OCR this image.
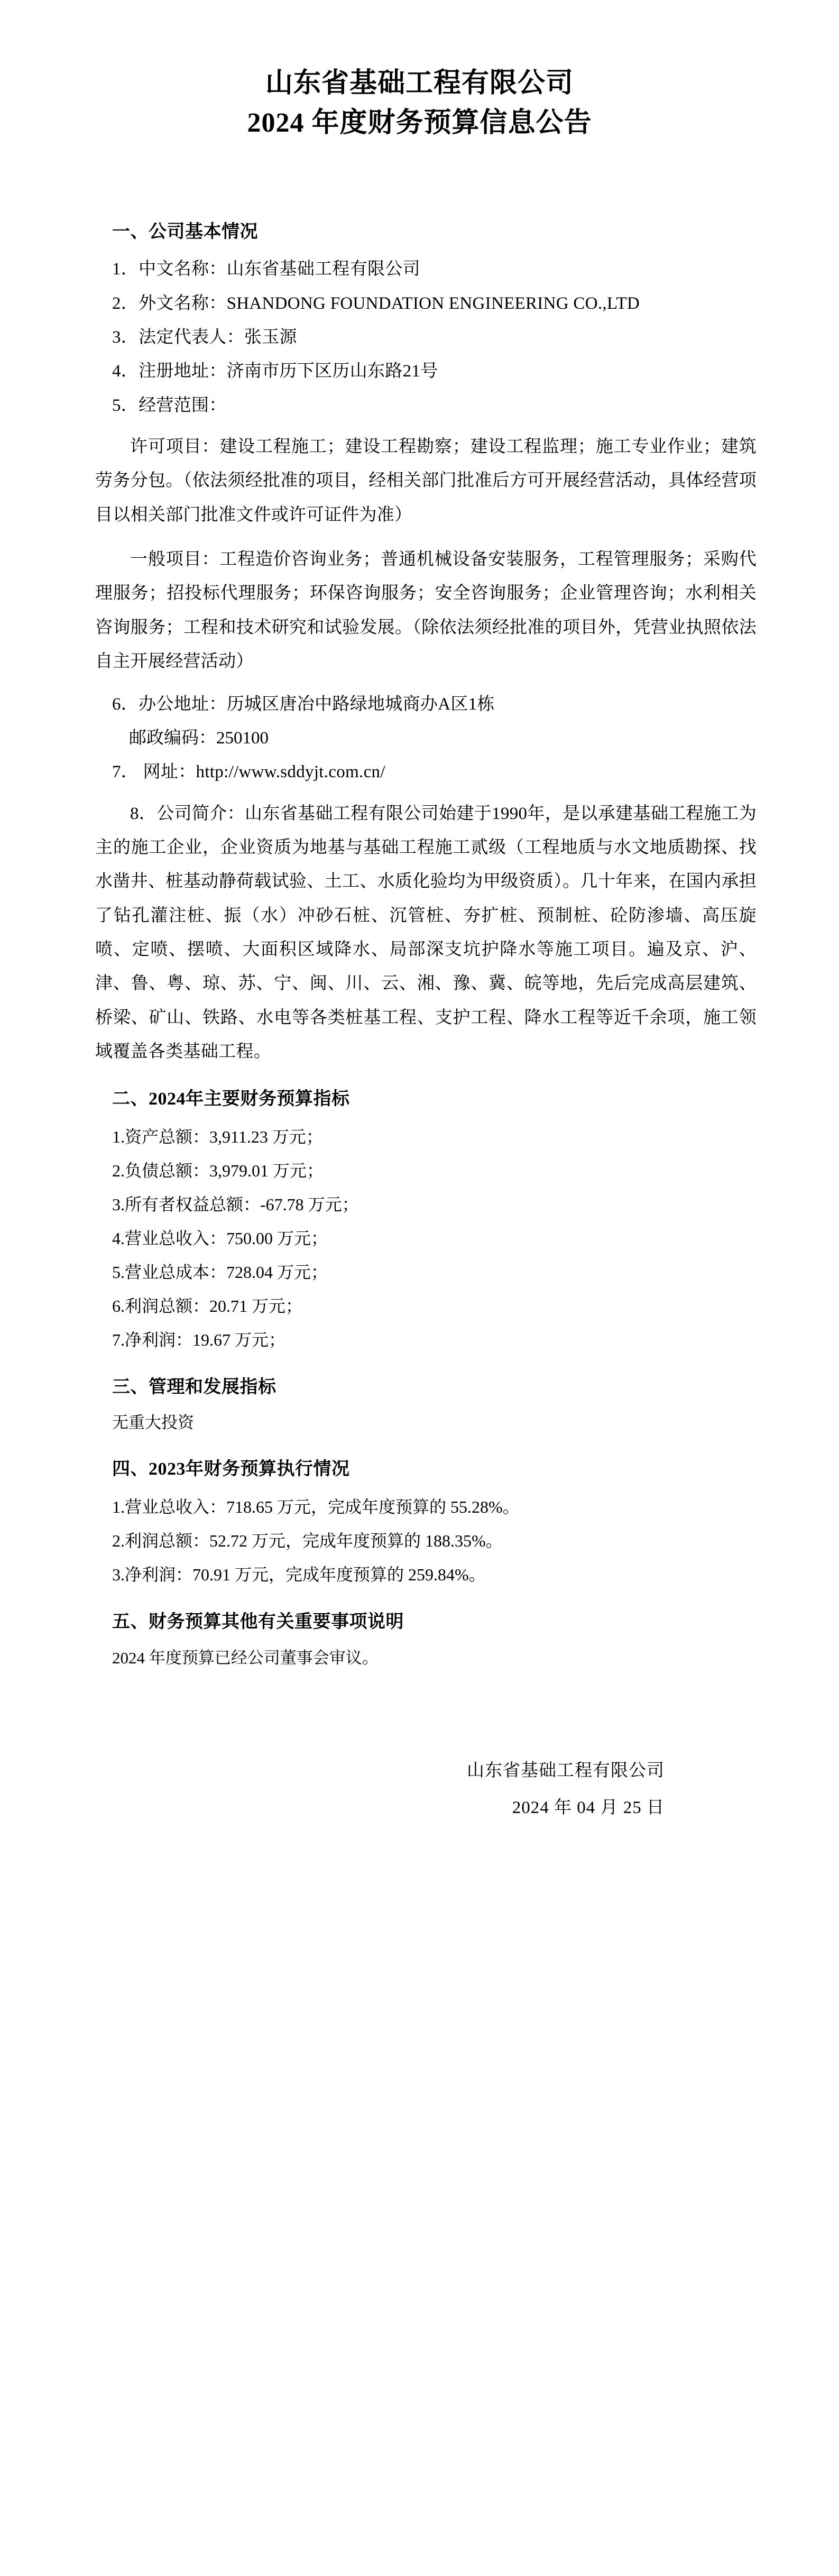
山东省基础工程有限公司
2024 年度财务预算信息公告
一、公司基本情况
1．中文名称：山东省基础工程有限公司
2．外文名称：SHANDONG FOUNDATION ENGINEERING CO.,LTD
3．法定代表人：张玉源
4．注册地址：济南市历下区历山东路21号
5．经营范围：
许可项目：建设工程施工；建设工程勘察；建设工程监理；施工专业作业；建筑劳务分包。（依法须经批准的项目，经相关部门批准后方可开展经营活动，具体经营项目以相关部门批准文件或许可证件为准）
一般项目：工程造价咨询业务；普通机械设备安装服务，工程管理服务；采购代理服务；招投标代理服务；环保咨询服务；安全咨询服务；企业管理咨询；水利相关咨询服务；工程和技术研究和试验发展。（除依法须经批准的项目外，凭营业执照依法自主开展经营活动）
6．办公地址：历城区唐冶中路绿地城商办A区1栋
邮政编码：250100
7． 网址：http://www.sddyjt.com.cn/
8．公司简介：山东省基础工程有限公司始建于1990年，是以承建基础工程施工为主的施工企业，企业资质为地基与基础工程施工贰级（工程地质与水文地质勘探、找水凿井、桩基动静荷载试验、土工、水质化验均为甲级资质）。几十年来，在国内承担了钻孔灌注桩、振（水）冲砂石桩、沉管桩、夯扩桩、预制桩、砼防渗墙、高压旋喷、定喷、摆喷、大面积区域降水、局部深支坑护降水等施工项目。遍及京、沪、津、鲁、粤、琼、苏、宁、闽、川、云、湘、豫、冀、皖等地，先后完成高层建筑、桥梁、矿山、铁路、水电等各类桩基工程、支护工程、降水工程等近千余项，施工领域覆盖各类基础工程。
二、2024年主要财务预算指标
1.资产总额：3,911.23 万元；
2.负债总额：3,979.01 万元；
3.所有者权益总额：-67.78 万元；
4.营业总收入：750.00 万元；
5.营业总成本：728.04 万元；
6.利润总额：20.71 万元；
7.净利润：19.67 万元；
三、管理和发展指标
无重大投资
四、2023年财务预算执行情况
1.营业总收入：718.65 万元，完成年度预算的 55.28%。
2.利润总额：52.72 万元，完成年度预算的 188.35%。
3.净利润：70.91 万元，完成年度预算的 259.84%。
五、财务预算其他有关重要事项说明
2024 年度预算已经公司董事会审议。
山东省基础工程有限公司
2024 年 04 月 25 日
